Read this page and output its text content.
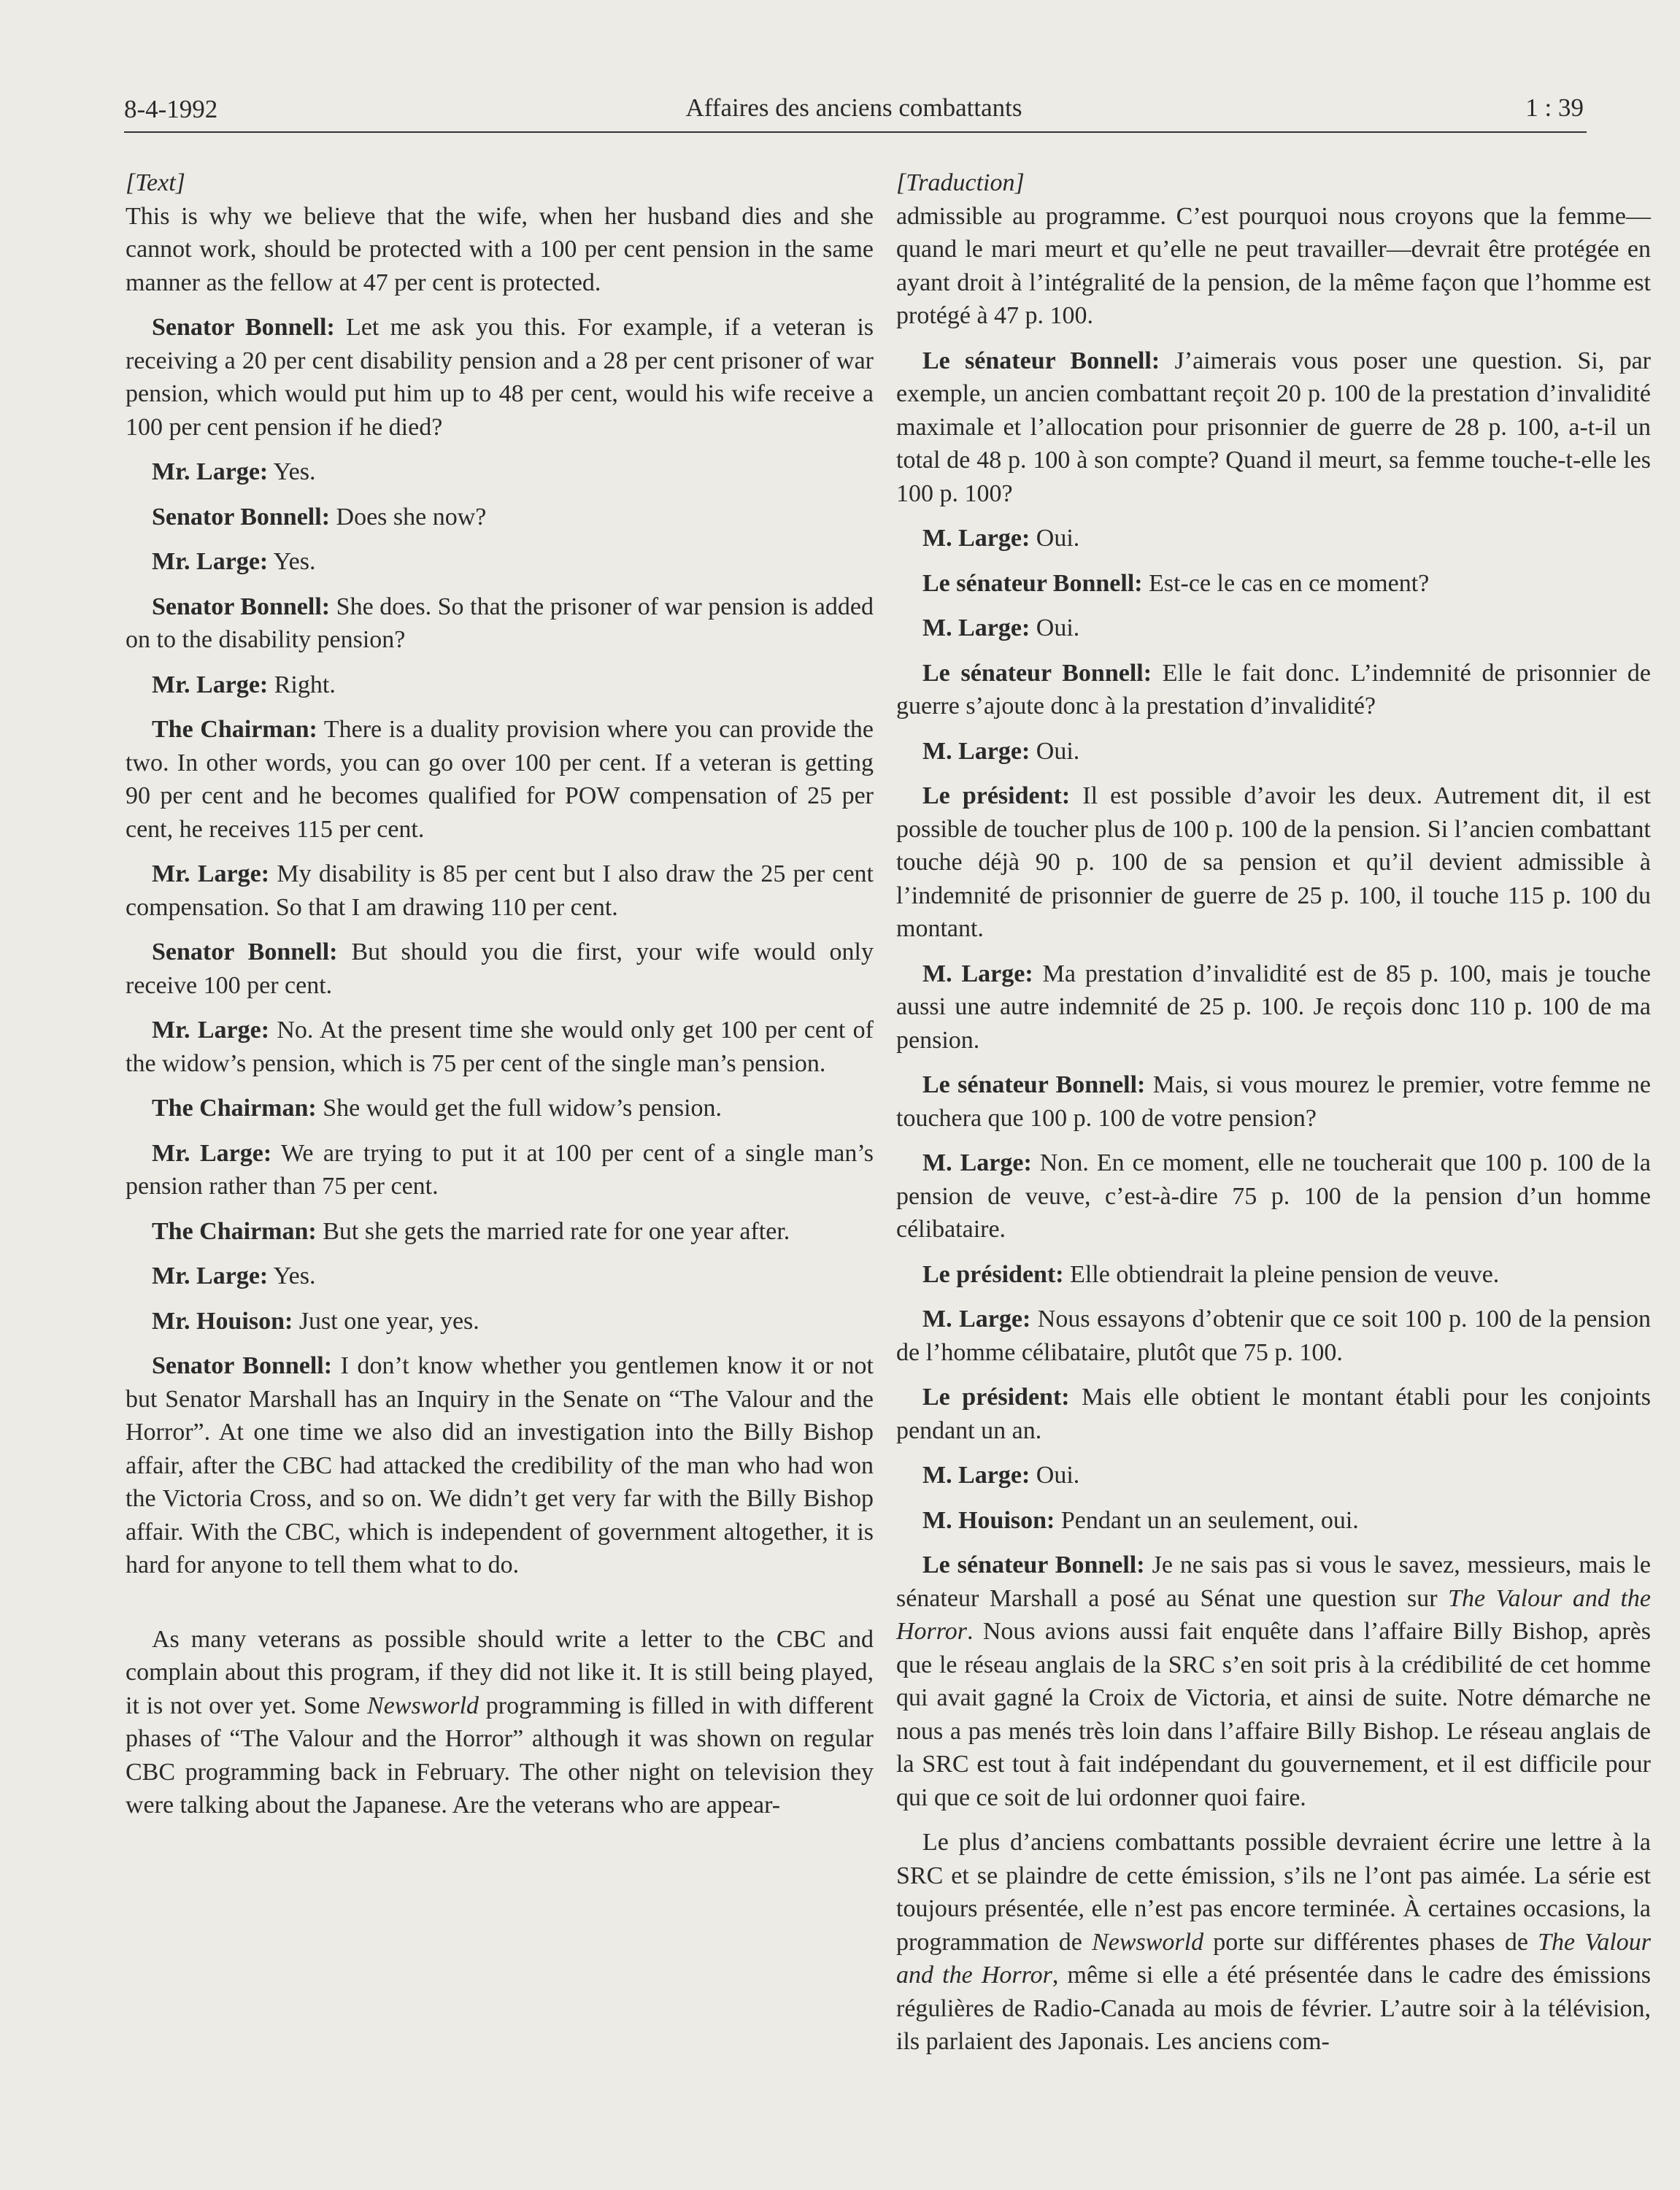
8-4-1992	Affaires des anciens combattants	1 : 39

[Text]

This is why we believe that the wife, when her husband dies and she cannot work, should be protected with a 100 per cent pension in the same manner as the fellow at 47 per cent is protected.

Senator Bonnell: Let me ask you this. For example, if a veteran is receiving a 20 per cent disability pension and a 28 per cent prisoner of war pension, which would put him up to 48 per cent, would his wife receive a 100 per cent pension if he died?

Mr. Large: Yes.

Senator Bonnell: Does she now?

Mr. Large: Yes.

Senator Bonnell: She does. So that the prisoner of war pension is added on to the disability pension?

Mr. Large: Right.

The Chairman: There is a duality provision where you can provide the two. In other words, you can go over 100 per cent. If a veteran is getting 90 per cent and he becomes qualified for POW compensation of 25 per cent, he receives 115 per cent.

Mr. Large: My disability is 85 per cent but I also draw the 25 per cent compensation. So that I am drawing 110 per cent.

Senator Bonnell: But should you die first, your wife would only receive 100 per cent.

Mr. Large: No. At the present time she would only get 100 per cent of the widow’s pension, which is 75 per cent of the single man’s pension.

The Chairman: She would get the full widow’s pension.

Mr. Large: We are trying to put it at 100 per cent of a single man’s pension rather than 75 per cent.

The Chairman: But she gets the married rate for one year after.

Mr. Large: Yes.

Mr. Houison: Just one year, yes.

Senator Bonnell: I don’t know whether you gentlemen know it or not but Senator Marshall has an Inquiry in the Senate on “The Valour and the Horror”. At one time we also did an investigation into the Billy Bishop affair, after the CBC had attacked the credibility of the man who had won the Victoria Cross, and so on. We didn’t get very far with the Billy Bishop affair. With the CBC, which is independent of government altogether, it is hard for anyone to tell them what to do.

As many veterans as possible should write a letter to the CBC and complain about this program, if they did not like it. It is still being played, it is not over yet. Some Newsworld programming is filled in with different phases of “The Valour and the Horror” although it was shown on regular CBC programming back in February. The other night on television they were talking about the Japanese. Are the veterans who are appear-

[Traduction]

admissible au programme. C’est pourquoi nous croyons que la femme—quand le mari meurt et qu’elle ne peut travailler—devrait être protégée en ayant droit à l’intégralité de la pension, de la même façon que l’homme est protégé à 47 p. 100.

Le sénateur Bonnell: J’aimerais vous poser une question. Si, par exemple, un ancien combattant reçoit 20 p. 100 de la prestation d’invalidité maximale et l’allocation pour prisonnier de guerre de 28 p. 100, a-t-il un total de 48 p. 100 à son compte? Quand il meurt, sa femme touche-t-elle les 100 p. 100?

M. Large: Oui.

Le sénateur Bonnell: Est-ce le cas en ce moment?

M. Large: Oui.

Le sénateur Bonnell: Elle le fait donc. L’indemnité de prisonnier de guerre s’ajoute donc à la prestation d’invalidité?

M. Large: Oui.

Le président: Il est possible d’avoir les deux. Autrement dit, il est possible de toucher plus de 100 p. 100 de la pension. Si l’ancien combattant touche déjà 90 p. 100 de sa pension et qu’il devient admissible à l’indemnité de prisonnier de guerre de 25 p. 100, il touche 115 p. 100 du montant.

M. Large: Ma prestation d’invalidité est de 85 p. 100, mais je touche aussi une autre indemnité de 25 p. 100. Je reçois donc 110 p. 100 de ma pension.

Le sénateur Bonnell: Mais, si vous mourez le premier, votre femme ne touchera que 100 p. 100 de votre pension?

M. Large: Non. En ce moment, elle ne toucherait que 100 p. 100 de la pension de veuve, c’est-à-dire 75 p. 100 de la pension d’un homme célibataire.

Le président: Elle obtiendrait la pleine pension de veuve.

M. Large: Nous essayons d’obtenir que ce soit 100 p. 100 de la pension de l’homme célibataire, plutôt que 75 p. 100.

Le président: Mais elle obtient le montant établi pour les conjoints pendant un an.

M. Large: Oui.

M. Houison: Pendant un an seulement, oui.

Le sénateur Bonnell: Je ne sais pas si vous le savez, messieurs, mais le sénateur Marshall a posé au Sénat une question sur The Valour and the Horror. Nous avions aussi fait enquête dans l’affaire Billy Bishop, après que le réseau anglais de la SRC s’en soit pris à la crédibilité de cet homme qui avait gagné la Croix de Victoria, et ainsi de suite. Notre démarche ne nous a pas menés très loin dans l’affaire Billy Bishop. Le réseau anglais de la SRC est tout à fait indépendant du gouvernement, et il est difficile pour qui que ce soit de lui ordonner quoi faire.

Le plus d’anciens combattants possible devraient écrire une lettre à la SRC et se plaindre de cette émission, s’ils ne l’ont pas aimée. La série est toujours présentée, elle n’est pas encore terminée. À certaines occasions, la programmation de Newsworld porte sur différentes phases de The Valour and the Horror, même si elle a été présentée dans le cadre des émissions régulières de Radio-Canada au mois de février. L’autre soir à la télévision, ils parlaient des Japonais. Les anciens com-
